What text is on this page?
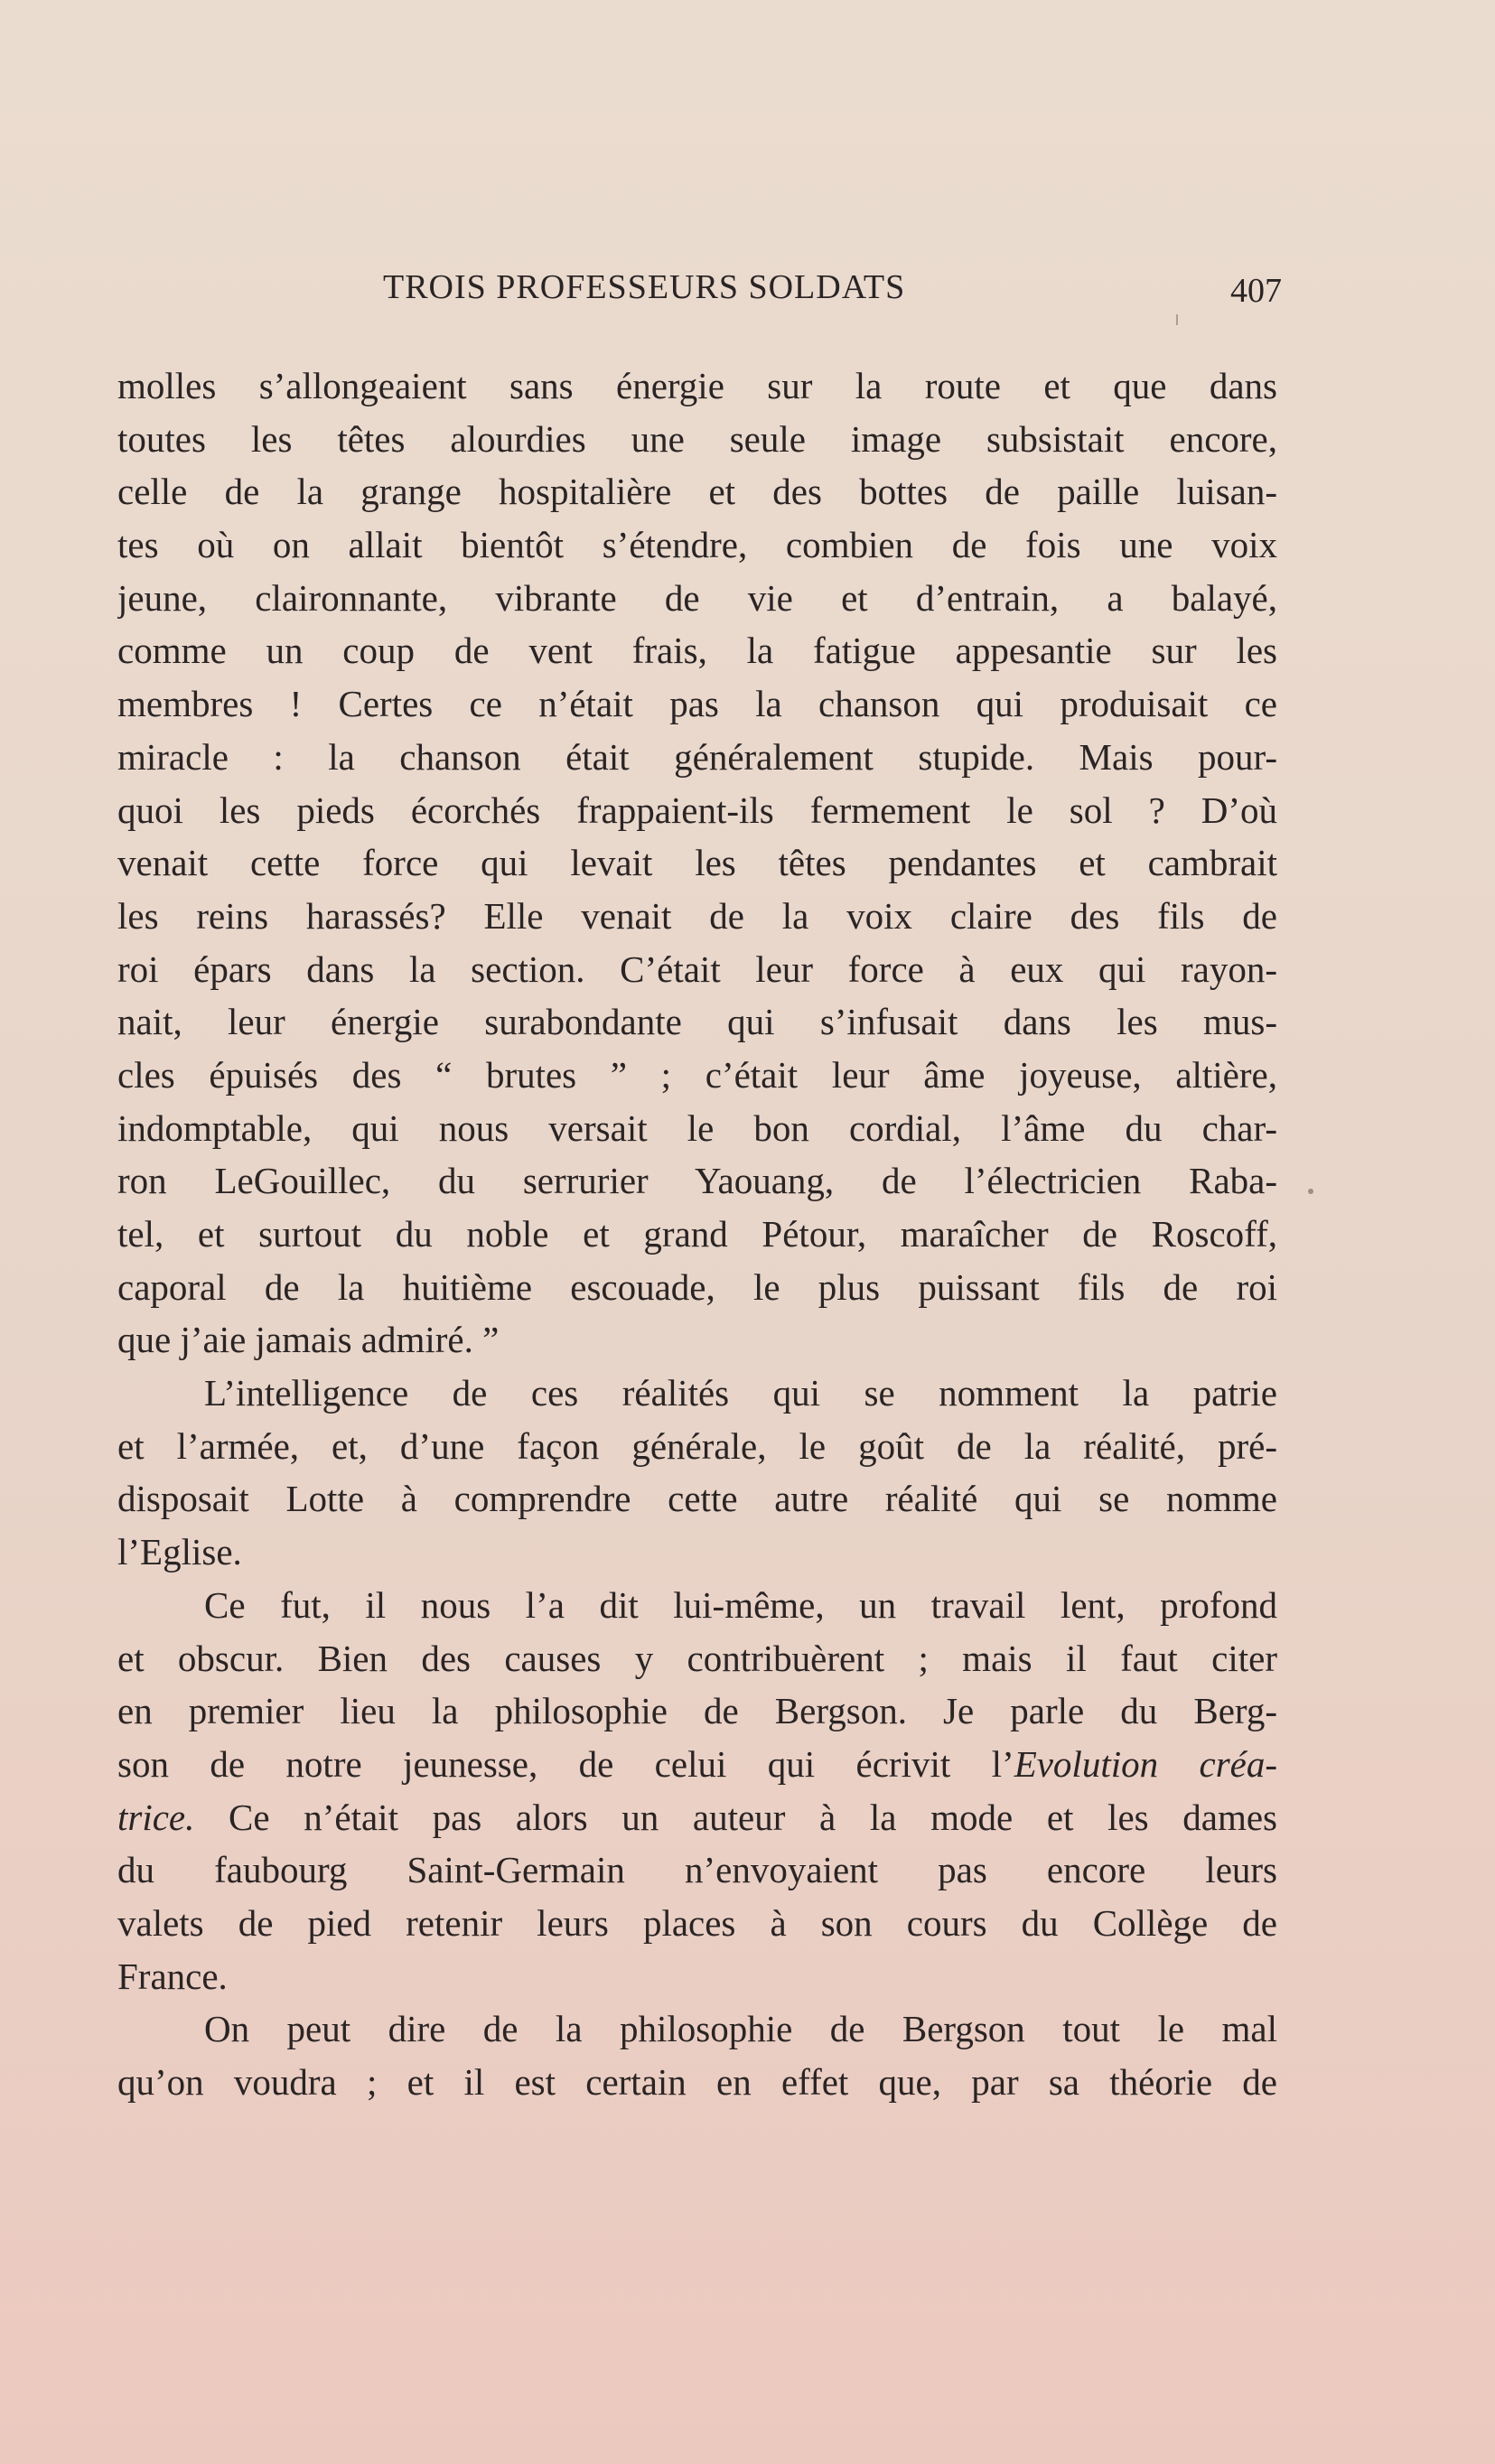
TROIS PROFESSEURS SOLDATS	407
molles s’allongeaient sans énergie sur la route et que dans
toutes les têtes alourdies une seule image subsistait encore,
celle de la grange hospitalière et des bottes de paille luisan-
tes où on allait bientôt s’étendre, combien de fois une voix
jeune, claironnante, vibrante de vie et d’entrain, a balayé,
comme un coup de vent frais, la fatigue appesantie sur les
membres ! Certes ce n’était pas la chanson qui produisait ce
miracle : la chanson était généralement stupide. Mais pour-
quoi les pieds écorchés frappaient-ils fermement le sol ? D’où
venait cette force qui levait les têtes pendantes et cambrait
les reins harassés? Elle venait de la voix claire des fils de
roi épars dans la section. C’était leur force à eux qui rayon-
nait, leur énergie surabondante qui s’infusait dans les mus-
cles épuisés des “ brutes ” ; c’était leur âme joyeuse, altière,
indomptable, qui nous versait le bon cordial, l’âme du char-
ron LeGouillec, du serrurier Yaouang, de l’électricien Raba-
tel, et surtout du noble et grand Pétour, maraîcher de Roscoff,
caporal de la huitième escouade, le plus puissant fils de roi
que j’aie jamais admiré. ”
L’intelligence de ces réalités qui se nomment la patrie
et l’armée, et, d’une façon générale, le goût de la réalité, pré-
disposait Lotte à comprendre cette autre réalité qui se nomme
l’Eglise.
Ce fut, il nous l’a dit lui-même, un travail lent, profond
et obscur. Bien des causes y contribuèrent ; mais il faut citer
en premier lieu la philosophie de Bergson. Je parle du Berg-
son de notre jeunesse, de celui qui écrivit l’Evolution créa-
trice. Ce n’était pas alors un auteur à la mode et les dames
du faubourg Saint-Germain n’envoyaient pas encore leurs
valets de pied retenir leurs places à son cours du Collège de
France.
On peut dire de la philosophie de Bergson tout le mal
qu’on voudra ; et il est certain en effet que, par sa théorie de
